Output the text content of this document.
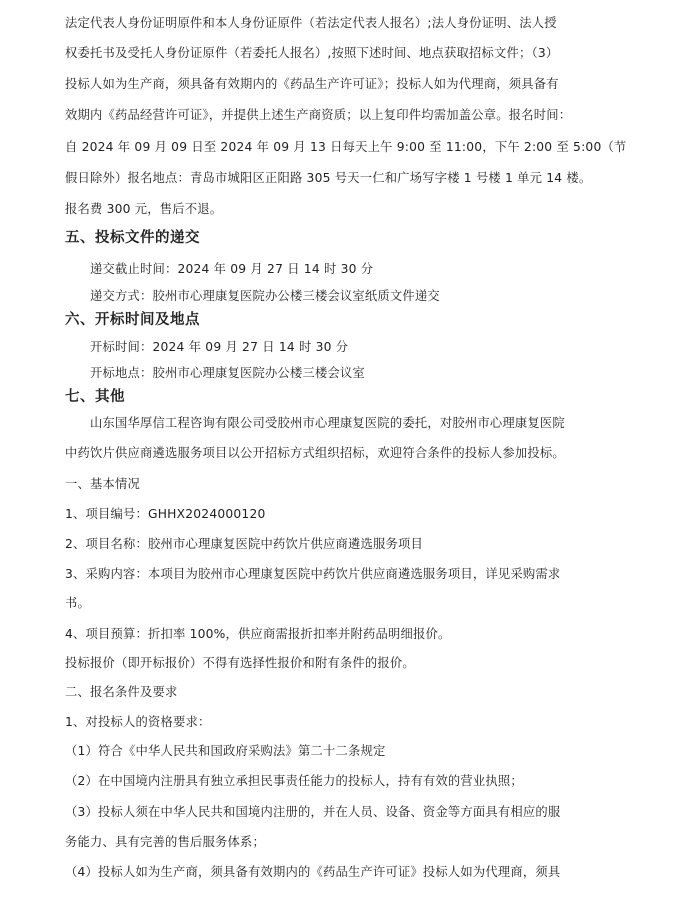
法定代表人身份证明原件和本人身份证原件（若法定代表人报名）;法人身份证明、法人授
权委托书及受托人身份证原件（若委托人报名）,按照下述时间、地点获取招标文件；（3）
投标人如为生产商，须具备有效期内的《药品生产许可证》；投标人如为代理商，须具备有
效期内《药品经营许可证》，并提供上述生产商资质；以上复印件均需加盖公章。报名时间：
自 2024 年 09 月 09 日至 2024 年 09 月 13 日每天上午 9:00 至 11:00，下午 2:00 至 5:00（节
假日除外）报名地点：青岛市城阳区正阳路 305 号天一仁和广场写字楼 1 号楼 1 单元 14 楼。
报名费 300 元，售后不退。
五、投标文件的递交
递交截止时间：2024 年 09 月 27 日 14 时 30 分
递交方式：胶州市心理康复医院办公楼三楼会议室纸质文件递交
六、开标时间及地点
开标时间：2024 年 09 月 27 日 14 时 30 分
开标地点：胶州市心理康复医院办公楼三楼会议室
七、其他
山东国华厚信工程咨询有限公司受胶州市心理康复医院的委托，对胶州市心理康复医院
中药饮片供应商遴选服务项目以公开招标方式组织招标，欢迎符合条件的投标人参加投标。
一、基本情况
1、项目编号：GHHX2024000120
2、项目名称：胶州市心理康复医院中药饮片供应商遴选服务项目
3、采购内容：本项目为胶州市心理康复医院中药饮片供应商遴选服务项目，详见采购需求
书。
4、项目预算：折扣率 100%，供应商需报折扣率并附药品明细报价。
投标报价（即开标报价）不得有选择性报价和附有条件的报价。
二、报名条件及要求
1、对投标人的资格要求：
（1）符合《中华人民共和国政府采购法》第二十二条规定
（2）在中国境内注册具有独立承担民事责任能力的投标人，持有有效的营业执照；
（3）投标人须在中华人民共和国境内注册的，并在人员、设备、资金等方面具有相应的服
务能力、具有完善的售后服务体系；
（4）投标人如为生产商，须具备有效期内的《药品生产许可证》投标人如为代理商，须具
